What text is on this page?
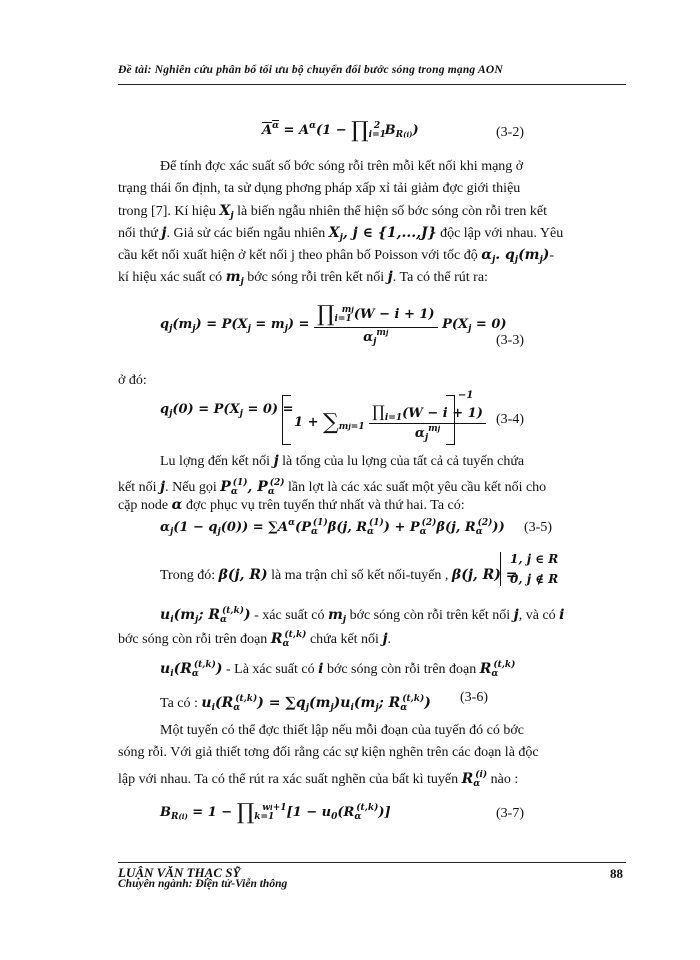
Đề tài: Nghiên cứu phân bổ tối ưu bộ chuyển đổi bước sóng trong mạng AON
$A^\alpha = A^\alpha(1$ − $\prod_{i=1}^2$ $B_{R(i)}$)	(3-2)
Để tính đợc xác suất số bớc sóng rỗi trên mỗi kết nối khi mạng ở
trạng thái ổn định, ta sử dụng phơng pháp xấp xỉ tải giảm đợc giới thiệu
trong [7]. Kí hiệu $X_j$ là biến ngẫu nhiên thể hiện số bớc sóng còn rỗi tren kết
nối thứ j. Giả sử các biến ngẫu nhiên $X_j$, j ∈ {1,...,J} độc lập với nhau. Yêu
cầu kết nối xuất hiện ở kết nối j theo phân bố Poisson với tốc độ $\alpha_j$. $q_j(m_j)-$
kí hiệu xác suất có $m_j$ bớc sóng rỗi trên kết nối j. Ta có thể rút ra:
$q_j(m_j) = P(X_j = m_j) = \frac{\prod_{i=1}^{mj}(W - i + 1)}{\alpha_j^{mj}} P(X_j = 0)$
(3-3)
ở đó:
$q_j(0) = P(X_j = 0)$ =
$1 + \sum_{mj=1} \frac{\prod_{i=1}(W - i + 1)}{\alpha_j^{mj}}$
−1
(3-4)
Lu lợng đến kết nối j là tổng của lu lợng của tất cả cả tuyến chứa
kết nối j. Nếu gọi $P_\alpha^{(1)}$, $P_\alpha^{(2)}$ lần lợt là các xác suất một yêu cầu kết nối cho
cặp node α đợc phục vụ trên tuyến thứ nhất và thứ hai. Ta có:
$\alpha_j(1 - q_j(0)) = \sum A^\alpha(P_\alpha^{(1)}\beta(j$, $R_\alpha^{(1)}) + P_\alpha^{(2)}\beta(j$, $R_\alpha^{(2)}$)) (3-5)
Trong đó: β(j, R) là ma trận chỉ số kết nối-tuyến , β(j, R) =
1, j ∈ R
0, j ∉ R
$u_i(m_j$; $R_\alpha^{(t,k)}$) - xác suất có $m_j$ bớc sóng còn rỗi trên kết nối j, và có i
bớc sóng còn rỗi trên đoạn $R_\alpha^{(t,k)}$ chứa kết nối j.
$u_i(R_\alpha^{(t,k)})$ - Là xác suất có i bớc sóng còn rỗi trên đoạn $R_\alpha^{(t,k)}$
Ta có : $u_i(R_\alpha^{(t,k)}) = \sum q_j(m_j)u_i(m_j$; $R_\alpha^{(t,k)}$)	(3-6)
Một tuyến có thể đợc thiết lập nếu mỗi đoạn của tuyến đó có bớc
sóng rỗi. Với giả thiết tơng đối rằng các sự kiện nghẽn trên các đoạn là độc
lập với nhau. Ta có thể rút ra xác suất nghẽn của bất kì tuyến $R_\alpha^{(i)}$ nào :
$B_{R(i)} = 1$ − $\prod_{k=1}^{wi+1}[1 - u_0(R_\alpha^{(t,k)})]$	(3-7)
LUẬN VĂN THẠC SỸ
Chuyên ngành: Điện tử-Viễn thông
88
